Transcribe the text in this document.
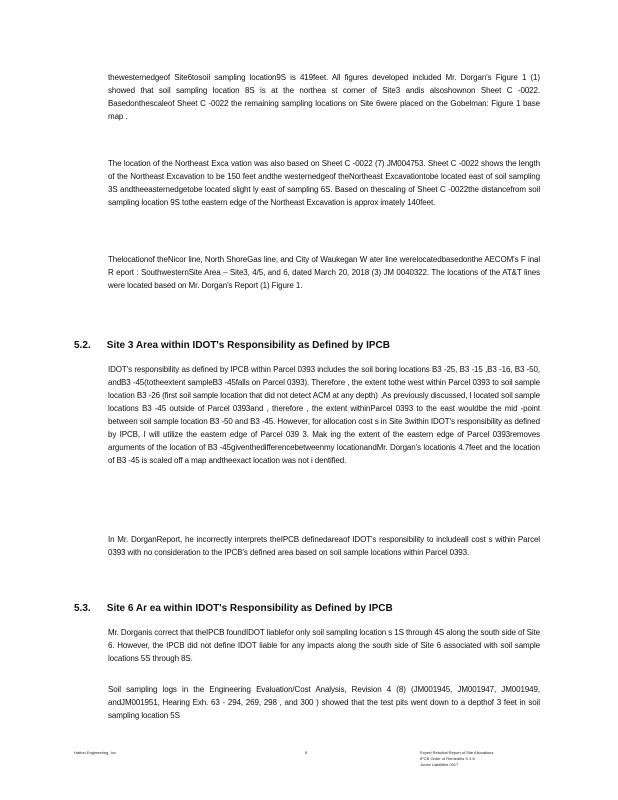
thewesternedgeof Site6tosoil sampling location9S is 419feet. All figures developed included Mr. Dorgan's Figure 1 (1) showed that soil sampling location 8S is at the northea st corner of Site3 andis alsoshownon Sheet C -0022. Basedonthescaleof Sheet C -0022 the remaining sampling locations on Site 6were placed on the Gobelman: Figure 1 base map .

The location of the Northeast Exca vation was also based on Sheet C -0022 (7) JM004753. Sheet C -0022 shows the length of the Northeast Excavation to be 150 feet andthe westernedgeof theNortheast Excavationtobe located east of soil sampling 3S andtheeasternedgetobe located slight ly east of sampling 6S. Based on thescaling of Sheet C -0022the distancefrom soil sampling location 9S tothe eastern edge of the Northeast Excavation is approx imately 140feet.

Thelocationof theNicor line, North ShoreGas line, and City of Waukegan W ater line werelocatedbasedonthe AECOM's F inal R eport : SouthwesternSite Area – Site3, 4/5, and 6, dated March 20, 2018 (3) JM 0040322. The locations of the AT&T lines were located based on Mr. Dorgan's Report (1) Figure 1.

5.2. Site 3 Area within IDOT's Responsibility as Defined by IPCB

IDOT's responsibility as defined by IPCB within Parcel 0393 includes the soil boring locations B3 -25, B3 -15 ,B3 -16, B3 -50, andB3 -45(totheextent sampleB3 -45falls on Parcel 0393). Therefore , the extent tothe west within Parcel 0393 to soil sample location B3 -26 (first soil sample location that did not detect ACM at any depth) .As previously discussed, I located soil sample locations B3 -45 outside of Parcel 0393and , therefore , the extent withinParcel 0393 to the east wouldbe the mid -point between soil sample location B3 -50 and B3 -45. However, for allocation cost s in Site 3within IDOT's responsibility as defined by IPCB, I will utilize the eastern edge of Parcel 039 3. Mak ing the extent of the eastern edge of Parcel 0393removes arguments of the location of B3 -45giventhedifferencebetweenmy locationandMr. Dorgan's locationis 4.7feet and the location of B3 -45 is scaled off a map andtheexact location was not i dentified.

In Mr. DorganReport, he incorrectly interprets theIPCB definedareaof IDOT's responsibility to includeall cost s within Parcel 0393 with no consideration to the IPCB's defined area based on soil sample locations within Parcel 0393.

5.3. Site 6 Ar ea within IDOT's Responsibility as Defined by IPCB

Mr. Dorganis correct that theIPCB foundIDOT liablefor only soil sampling location s 1S through 4S along the south side of Site 6. However, the IPCB did not define IDOT liable for any impacts along the south side of Site 6 associated with soil sample locations 5S through 8S.

Soil sampling logs in the Engineering Evaluation/Cost Analysis, Revision 4 (8) (JM001945, JM001947, JM001949, andJM001951, Hearing Exh. 63 - 294, 269, 298 , and 300 ) showed that the test pits went down to a depthof 3 feet in soil sampling location 5S

Hatton Engineering, Inc.	5	Expert Rebuttal Report of Site Allocations
IPCB Order of Remedies S 3 6
Jones Liabilities 0017
